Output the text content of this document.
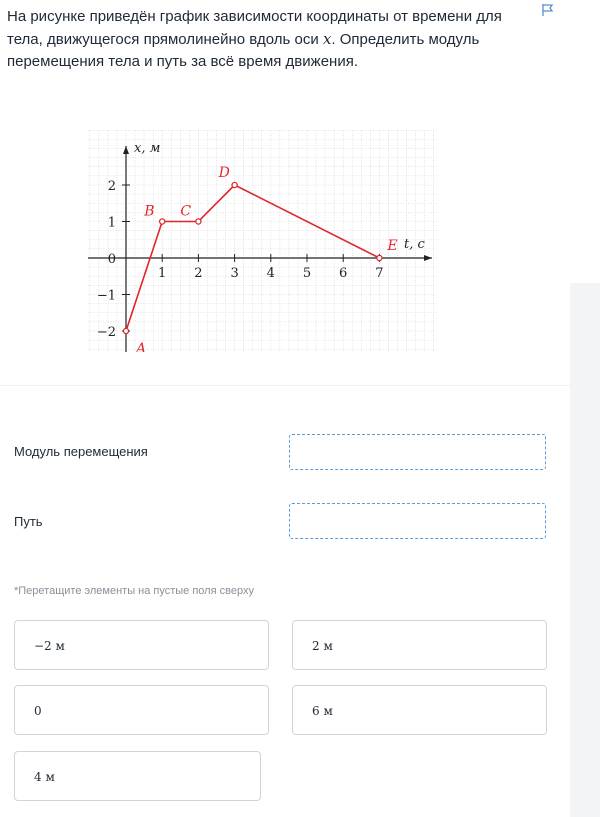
На рисунке приведён график зависимости координаты от времени для тела, движущегося прямолинейно вдоль оси x. Определить модуль перемещения тела и путь за всё время движения.
1 2 3 4 5 6 7
−2
−1
0
1
2
x, м
t, с
A
B C
D
E
Модуль перемещения
Путь
*Перетащите элементы на пустые поля сверху
−2 м	2 м
0	6 м
4 м
